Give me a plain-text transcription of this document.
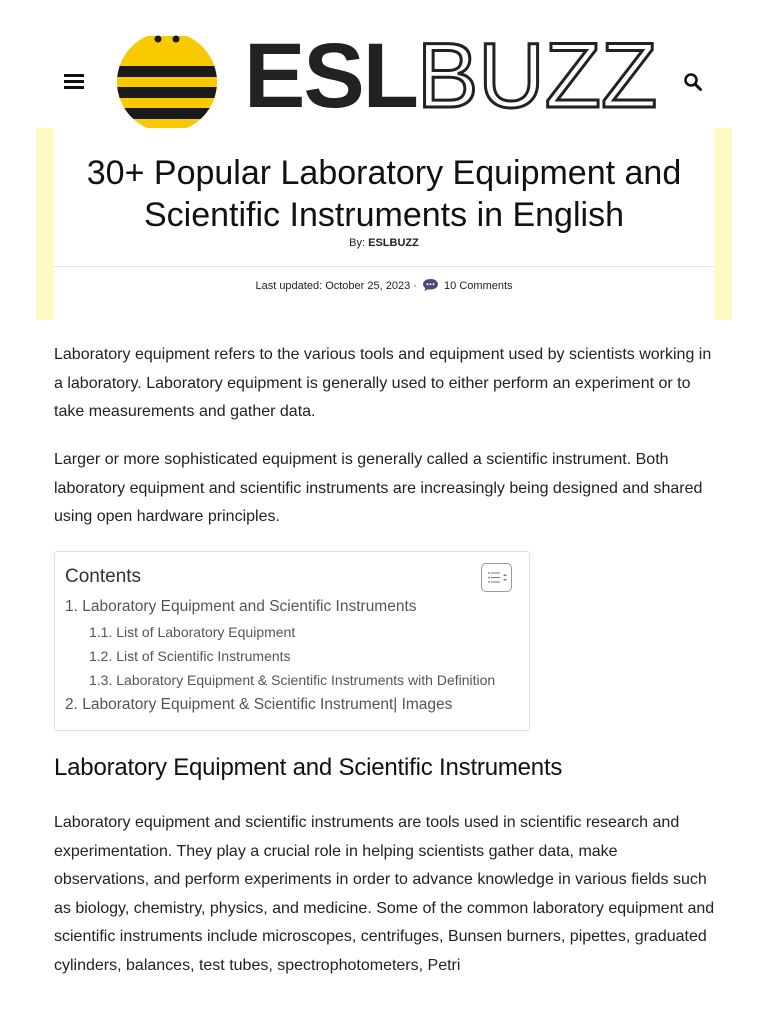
ESLBUZZ
30+ Popular Laboratory Equipment and
Scientific Instruments in English
By: ESLBUZZ
Last updated: October 25, 2023 · 10 Comments

Laboratory equipment refers to the various tools and equipment used by scientists working in a laboratory. Laboratory equipment is generally used to either perform an experiment or to take measurements and gather data.

Larger or more sophisticated equipment is generally called a scientific instrument. Both laboratory equipment and scientific instruments are increasingly being designed and shared using open hardware principles.

Contents
1. Laboratory Equipment and Scientific Instruments
1.1. List of Laboratory Equipment
1.2. List of Scientific Instruments
1.3. Laboratory Equipment & Scientific Instruments with Definition
2. Laboratory Equipment & Scientific Instrument| Images
Laboratory Equipment and Scientific Instruments

Laboratory equipment and scientific instruments are tools used in scientific research and experimentation. They play a crucial role in helping scientists gather data, make observations, and perform experiments in order to advance knowledge in various fields such as biology, chemistry, physics, and medicine. Some of the common laboratory equipment and scientific instruments include microscopes, centrifuges, Bunsen burners, pipettes, graduated cylinders, balances, test tubes, spectrophotometers, Petri
